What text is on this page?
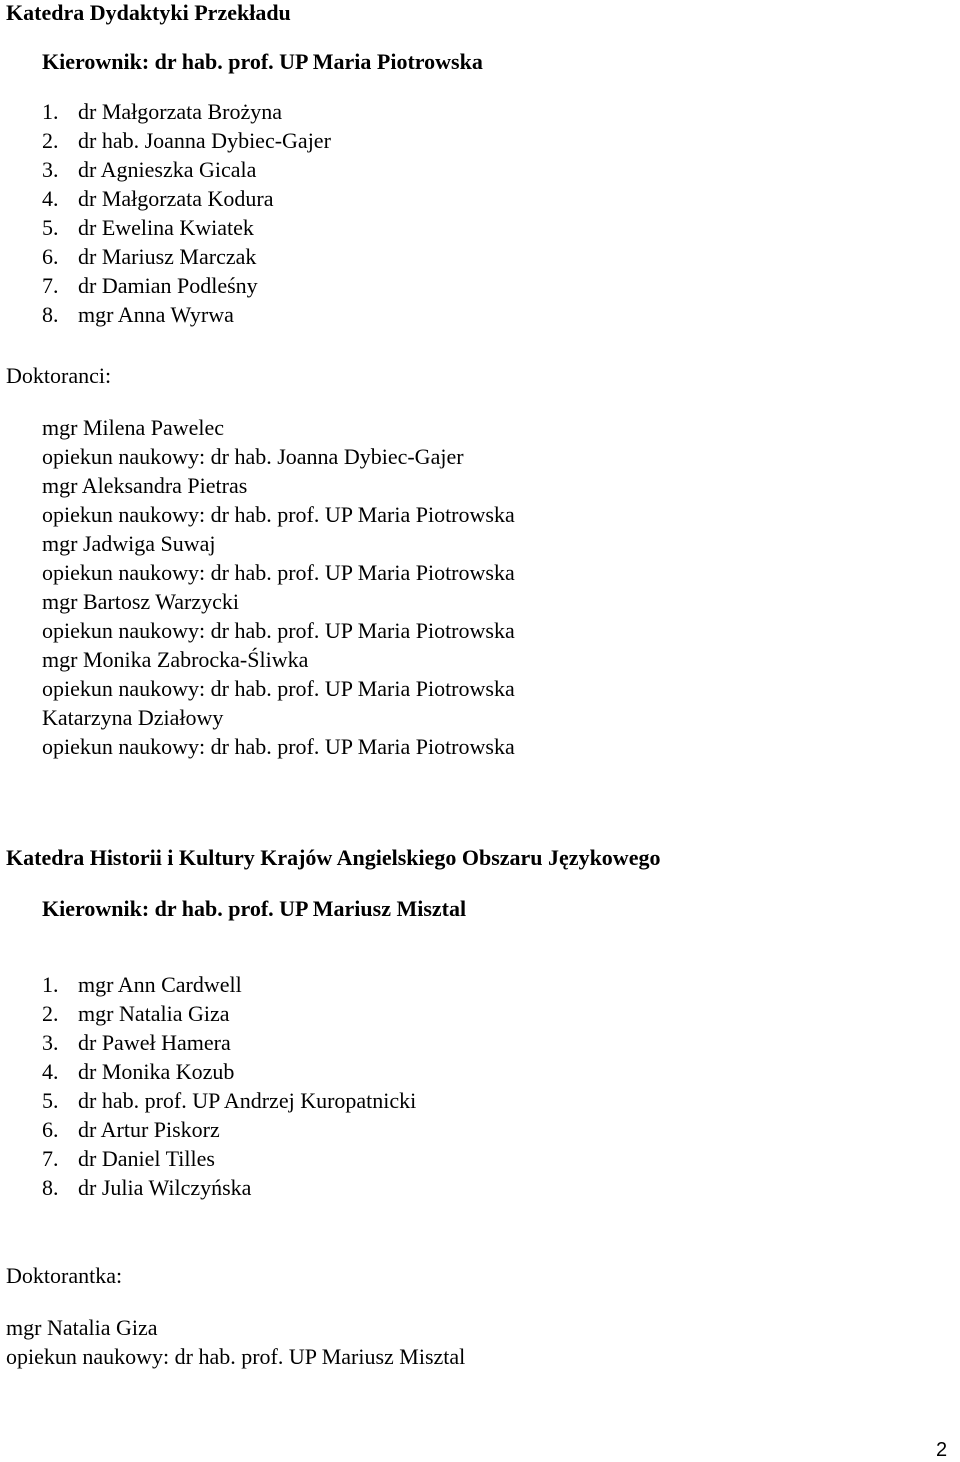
Katedra Dydaktyki Przekładu
Kierownik: dr hab. prof. UP Maria Piotrowska
1. dr Małgorzata Brożyna
2. dr hab. Joanna Dybiec-Gajer
3. dr Agnieszka Gicala
4. dr Małgorzata Kodura
5. dr Ewelina Kwiatek
6. dr Mariusz Marczak
7. dr Damian Podleśny
8. mgr Anna Wyrwa
Doktoranci:
mgr Milena Pawelec
opiekun naukowy: dr hab. Joanna Dybiec-Gajer
mgr Aleksandra Pietras
opiekun naukowy: dr hab. prof. UP Maria Piotrowska
mgr Jadwiga Suwaj
opiekun naukowy: dr hab. prof. UP Maria Piotrowska
mgr Bartosz Warzycki
opiekun naukowy: dr hab. prof. UP Maria Piotrowska
mgr Monika Zabrocka-Śliwka
opiekun naukowy: dr hab. prof. UP Maria Piotrowska
Katarzyna Działowy
opiekun naukowy: dr hab. prof. UP Maria Piotrowska
Katedra Historii i Kultury Krajów Angielskiego Obszaru Językowego
Kierownik: dr hab. prof. UP Mariusz Misztal
1. mgr Ann Cardwell
2. mgr Natalia Giza
3. dr Paweł Hamera
4. dr Monika Kozub
5. dr hab. prof. UP Andrzej Kuropatnicki
6. dr Artur Piskorz
7. dr Daniel Tilles
8. dr Julia Wilczyńska
Doktorantka:
mgr Natalia Giza
opiekun naukowy: dr hab. prof. UP Mariusz Misztal
2
